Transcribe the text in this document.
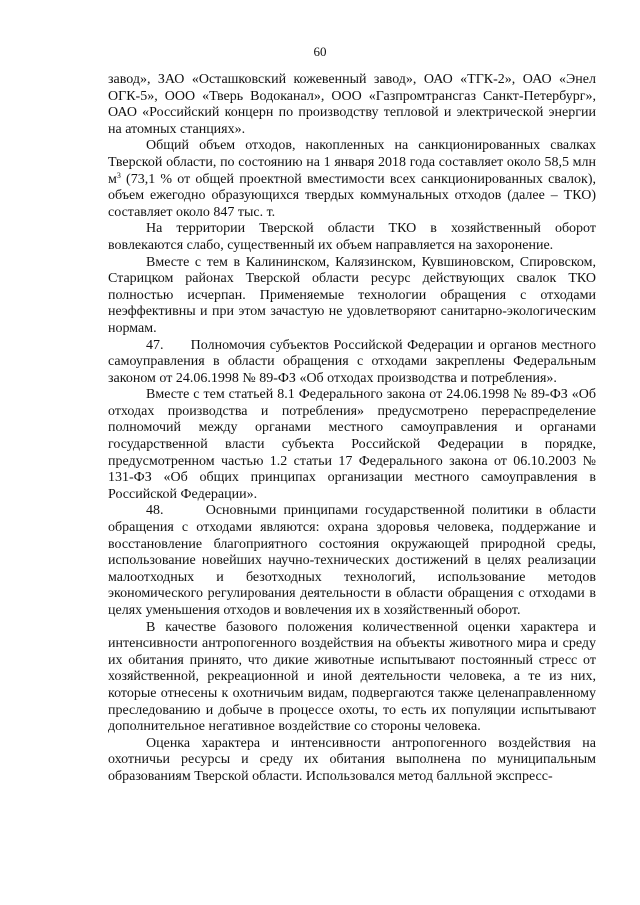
60

завод», ЗАО «Осташковский кожевенный завод», ОАО «ТГК-2», ОАО «Энел ОГК-5», ООО «Тверь Водоканал», ООО «Газпромтрансгаз Санкт-Петербург», ОАО «Российский концерн по производству тепловой и электрической энергии на атомных станциях».

Общий объем отходов, накопленных на санкционированных свалках Тверской области, по состоянию на 1 января 2018 года составляет около 58,5 млн $м^3$ (73,1 % от общей проектной вместимости всех санкционированных свалок), объем ежегодно образующихся твердых коммунальных отходов (далее – ТКО) составляет около 847 тыс. т.

На территории Тверской области ТКО в хозяйственный оборот вовлекаются слабо, существенный их объем направляется на захоронение.

Вместе с тем в Калининском, Калязинском, Кувшиновском, Спировском, Старицком районах Тверской области ресурс действующих свалок ТКО полностью исчерпан. Применяемые технологии обращения с отходами неэффективны и при этом зачастую не удовлетворяют санитарно-экологическим нормам.

47.      Полномочия субъектов Российской Федерации и органов местного самоуправления в области обращения с отходами закреплены Федеральным законом от 24.06.1998 № 89-ФЗ «Об отходах производства и потребления».

Вместе с тем статьей 8.1 Федерального закона от 24.06.1998 № 89-ФЗ «Об отходах производства и потребления» предусмотрено перераспределение полномочий между органами местного самоуправления и органами государственной власти субъекта Российской Федерации в порядке, предусмотренном частью 1.2 статьи 17 Федерального закона от 06.10.2003 № 131-ФЗ «Об общих принципах организации местного самоуправления в Российской Федерации».

48.      Основными принципами государственной политики в области обращения с отходами являются: охрана здоровья человека, поддержание и восстановление благоприятного состояния окружающей природной среды, использование новейших научно-технических достижений в целях реализации малоотходных и безотходных технологий, использование методов экономического регулирования деятельности в области обращения с отходами в целях уменьшения отходов и вовлечения их в хозяйственный оборот.

В качестве базового положения количественной оценки характера и интенсивности антропогенного воздействия на объекты животного мира и среду их обитания принято, что дикие животные испытывают постоянный стресс от хозяйственной, рекреационной и иной деятельности человека, а те из них, которые отнесены к охотничьим видам, подвергаются также целенаправленному преследованию и добыче в процессе охоты, то есть их популяции испытывают дополнительное негативное воздействие со стороны человека.

Оценка характера и интенсивности антропогенного воздействия на охотничьи ресурсы и среду их обитания выполнена по муниципальным образованиям Тверской области. Использовался метод балльной экспресс-
